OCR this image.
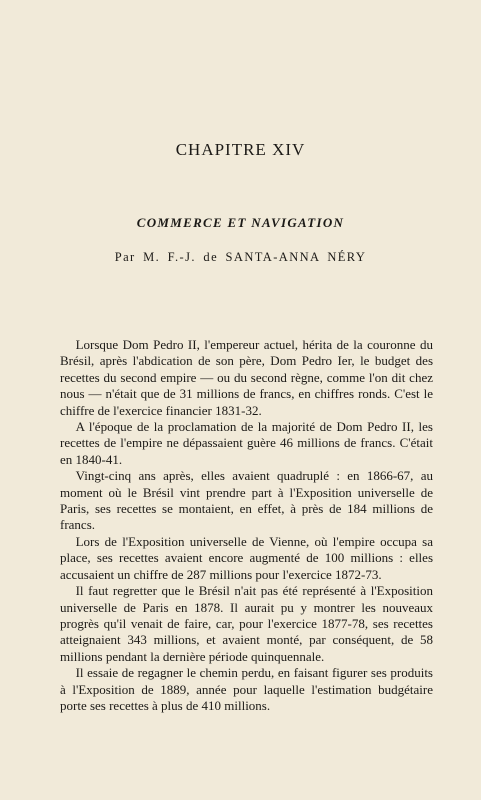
CHAPITRE XIV
COMMERCE ET NAVIGATION
Par M. F.-J. de SANTA-ANNA NÉRY

Lorsque Dom Pedro II, l'empereur actuel, hérita de la couronne du Brésil, après l'abdication de son père, Dom Pedro Ier, le budget des recettes du second empire — ou du second règne, comme l'on dit chez nous — n'était que de 31 millions de francs, en chiffres ronds. C'est le chiffre de l'exercice financier 1831-32.

A l'époque de la proclamation de la majorité de Dom Pedro II, les recettes de l'empire ne dépassaient guère 46 millions de francs. C'était en 1840-41.

Vingt-cinq ans après, elles avaient quadruplé : en 1866-67, au moment où le Brésil vint prendre part à l'Exposition universelle de Paris, ses recettes se montaient, en effet, à près de 184 millions de francs.

Lors de l'Exposition universelle de Vienne, où l'empire occupa sa place, ses recettes avaient encore augmenté de 100 millions : elles accusaient un chiffre de 287 millions pour l'exercice 1872-73.

Il faut regretter que le Brésil n'ait pas été représenté à l'Exposition universelle de Paris en 1878. Il aurait pu y montrer les nouveaux progrès qu'il venait de faire, car, pour l'exercice 1877-78, ses recettes atteignaient 343 millions, et avaient monté, par conséquent, de 58 millions pendant la dernière période quinquennale.

Il essaie de regagner le chemin perdu, en faisant figurer ses produits à l'Exposition de 1889, année pour laquelle l'estimation budgétaire porte ses recettes à plus de 410 millions.
